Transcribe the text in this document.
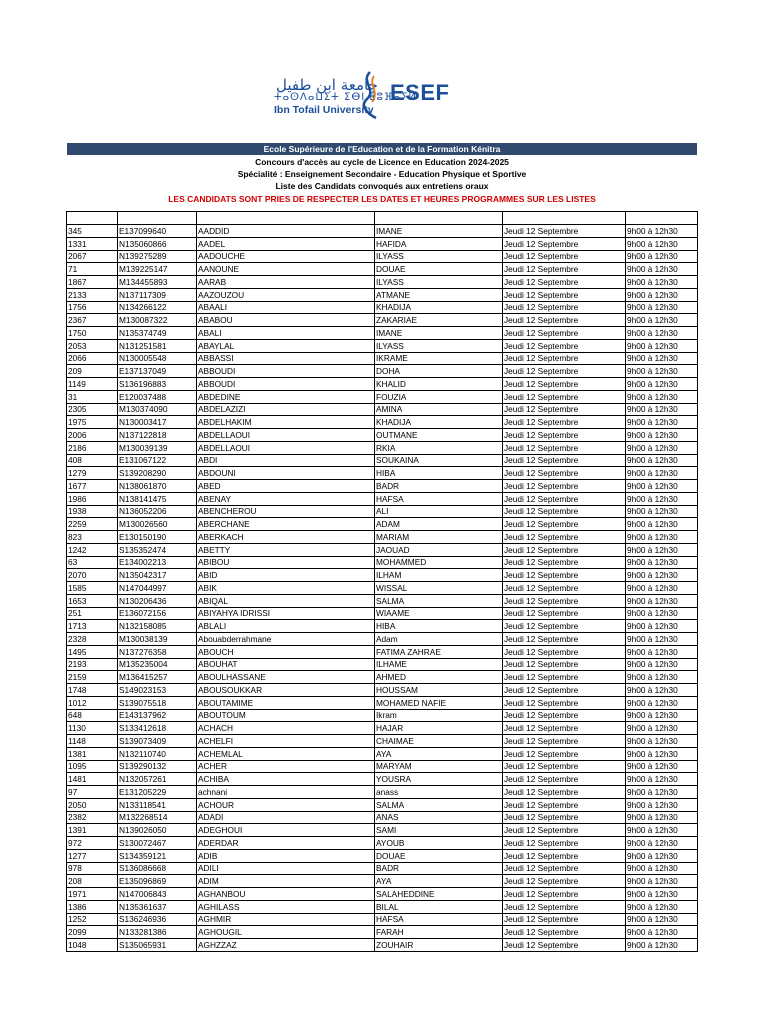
جامعة ابن طفيل
ⵜⴰⵙⴷⴰⵡⵉⵜ ⵉⴱⵏ ⵟⵓⴼⴰⵢⵍ
Ibn Tofail University
ESEF
Ecole Supérieure de l'Education et de la Formation Kénitra
Concours d'accès au cycle de Licence en Education 2024-2025
Spécialité : Enseignement Secondaire - Education Physique et Sportive
Liste des Candidats convoqués aux entretiens oraux
LES CANDIDATS SONT PRIES DE RESPECTER LES DATES ET HEURES PROGRAMMES SUR LES LISTES

345	E137099640	AADDID	IMANE	Jeudi 12 Septembre	9h00 à 12h30
1331	N135060866	AADEL	HAFIDA	Jeudi 12 Septembre	9h00 à 12h30
2067	N139275289	AADOUCHE	ILYASS	Jeudi 12 Septembre	9h00 à 12h30
71	M139225147	AANOUNE	DOUAE	Jeudi 12 Septembre	9h00 à 12h30
1867	M134455893	AARAB	ILYASS	Jeudi 12 Septembre	9h00 à 12h30
2133	N137117309	AAZOUZOU	ATMANE	Jeudi 12 Septembre	9h00 à 12h30
1756	N134266122	ABAALI	KHADIJA	Jeudi 12 Septembre	9h00 à 12h30
2367	M130087322	ABABOU	ZAKARIAE	Jeudi 12 Septembre	9h00 à 12h30
1750	N135374749	ABALI	IMANE	Jeudi 12 Septembre	9h00 à 12h30
2053	N131251581	ABAYLAL	ILYASS	Jeudi 12 Septembre	9h00 à 12h30
2066	N130005548	ABBASSI	IKRAME	Jeudi 12 Septembre	9h00 à 12h30
209	E137137049	ABBOUDI	DOHA	Jeudi 12 Septembre	9h00 à 12h30
1149	S136196883	ABBOUDI	KHALID	Jeudi 12 Septembre	9h00 à 12h30
31	E120037488	ABDEDINE	FOUZIA	Jeudi 12 Septembre	9h00 à 12h30
2305	M130374090	ABDELAZIZI	AMINA	Jeudi 12 Septembre	9h00 à 12h30
1975	N130003417	ABDELHAKIM	KHADIJA	Jeudi 12 Septembre	9h00 à 12h30
2006	N137122818	ABDELLAOUI	OUTMANE	Jeudi 12 Septembre	9h00 à 12h30
2186	M130039139	ABDELLAOUI	RKIA	Jeudi 12 Septembre	9h00 à 12h30
408	E131067122	ABDI	SOUKAINA	Jeudi 12 Septembre	9h00 à 12h30
1279	S139208290	ABDOUNI	HIBA	Jeudi 12 Septembre	9h00 à 12h30
1677	N138061870	ABED	BADR	Jeudi 12 Septembre	9h00 à 12h30
1986	N138141475	ABENAY	HAFSA	Jeudi 12 Septembre	9h00 à 12h30
1938	N136052206	ABENCHEROU	ALI	Jeudi 12 Septembre	9h00 à 12h30
2259	M130026560	ABERCHANE	ADAM	Jeudi 12 Septembre	9h00 à 12h30
823	E130150190	ABERKACH	MARIAM	Jeudi 12 Septembre	9h00 à 12h30
1242	S135352474	ABETTY	JAOUAD	Jeudi 12 Septembre	9h00 à 12h30
63	E134002213	ABIBOU	MOHAMMED	Jeudi 12 Septembre	9h00 à 12h30
2070	N135042317	ABID	ILHAM	Jeudi 12 Septembre	9h00 à 12h30
1585	N147044997	ABIK	WISSAL	Jeudi 12 Septembre	9h00 à 12h30
1653	N130206436	ABIQAL	SALMA	Jeudi 12 Septembre	9h00 à 12h30
251	E136072156	ABIYAHYA IDRISSI	WIAAME	Jeudi 12 Septembre	9h00 à 12h30
1713	N132158085	ABLALI	HIBA	Jeudi 12 Septembre	9h00 à 12h30
2328	M130038139	Abouabderrahmane	Adam	Jeudi 12 Septembre	9h00 à 12h30
1495	N137276358	ABOUCH	FATIMA ZAHRAE	Jeudi 12 Septembre	9h00 à 12h30
2193	M135235004	ABOUHAT	ILHAME	Jeudi 12 Septembre	9h00 à 12h30
2159	M136415257	ABOULHASSANE	AHMED	Jeudi 12 Septembre	9h00 à 12h30
1748	S149023153	ABOUSOUKKAR	HOUSSAM	Jeudi 12 Septembre	9h00 à 12h30
1012	S139075518	ABOUTAMIME	MOHAMED NAFIE	Jeudi 12 Septembre	9h00 à 12h30
648	E143137962	ABOUTOUM	Ikram	Jeudi 12 Septembre	9h00 à 12h30
1130	S133412618	ACHACH	HAJAR	Jeudi 12 Septembre	9h00 à 12h30
1148	S139073409	ACHELFI	CHAIMAE	Jeudi 12 Septembre	9h00 à 12h30
1381	N132110740	ACHEMLAL	AYA	Jeudi 12 Septembre	9h00 à 12h30
1095	S139290132	ACHER	MARYAM	Jeudi 12 Septembre	9h00 à 12h30
1481	N132057261	ACHIBA	YOUSRA	Jeudi 12 Septembre	9h00 à 12h30
97	E131205229	achnani	anass	Jeudi 12 Septembre	9h00 à 12h30
2050	N133118541	ACHOUR	SALMA	Jeudi 12 Septembre	9h00 à 12h30
2382	M132268514	ADADI	ANAS	Jeudi 12 Septembre	9h00 à 12h30
1391	N139026050	ADEGHOUI	SAMI	Jeudi 12 Septembre	9h00 à 12h30
972	S130072467	ADERDAR	AYOUB	Jeudi 12 Septembre	9h00 à 12h30
1277	S134359121	ADIB	DOUAE	Jeudi 12 Septembre	9h00 à 12h30
978	S136086668	ADILI	BADR	Jeudi 12 Septembre	9h00 à 12h30
208	E135096869	ADIM	AYA	Jeudi 12 Septembre	9h00 à 12h30
1971	N147006843	AGHANBOU	SALAHEDDINE	Jeudi 12 Septembre	9h00 à 12h30
1386	N135361637	AGHILASS	BILAL	Jeudi 12 Septembre	9h00 à 12h30
1252	S136246936	AGHMIR	HAFSA	Jeudi 12 Septembre	9h00 à 12h30
2099	N133281386	AGHOUGIL	FARAH	Jeudi 12 Septembre	9h00 à 12h30
1048	S135065931	AGHZZAZ	ZOUHAIR	Jeudi 12 Septembre	9h00 à 12h30
